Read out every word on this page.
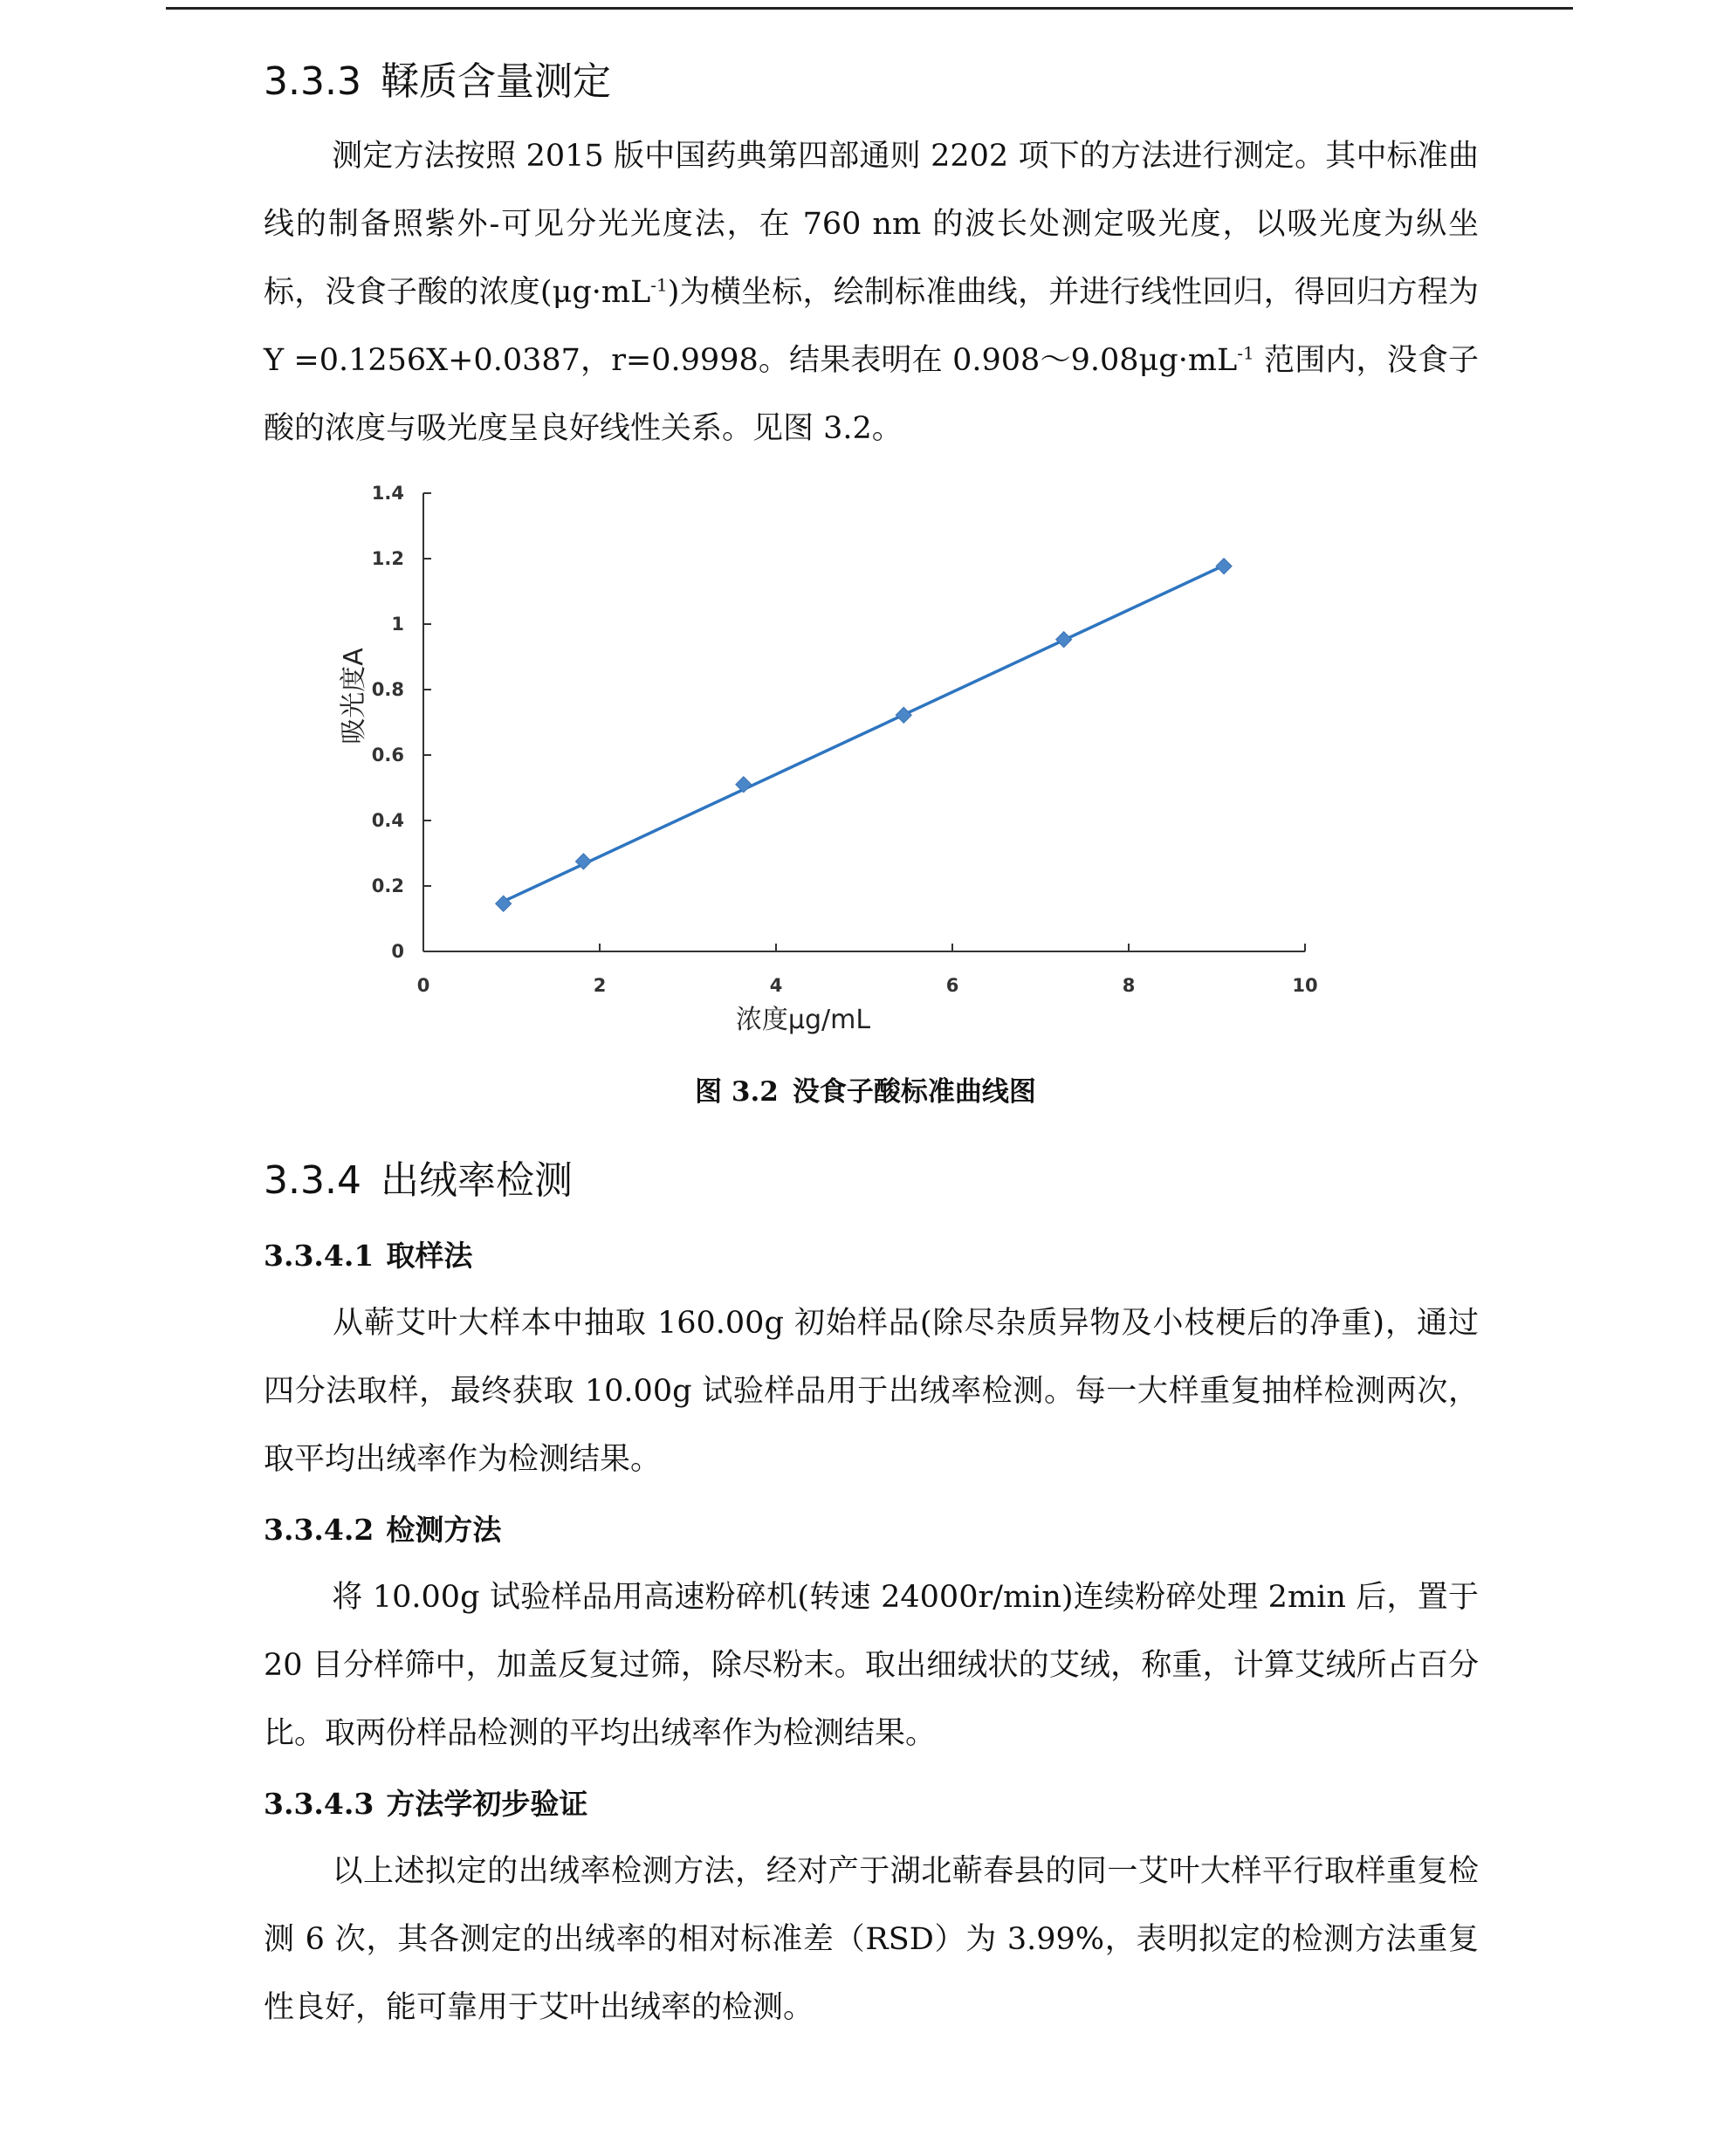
3.3.3 鞣质含量测定

测定方法按照 2015 版中国药典第四部通则 2202 项下的方法进行测定。其中标准曲线的制备照紫外-可见分光光度法，在 760 nm 的波长处测定吸光度，以吸光度为纵坐标，没食子酸的浓度$(\mu g\cdot mL^{-1})$为横坐标，绘制标准曲线，并进行线性回归，得回归方程为 Y =0.1256X+0.0387，r=0.9998。结果表明在 $0.908\sim 9.08\mu g\cdot mL^{-1}$ 范围内，没食子酸的浓度与吸光度呈良好线性关系。见图 3.2。

0
0.2
0.4
0.6
0.8
1
1.2
1.4
0	2	4	6	8	10
浓度μg/mL
吸光度A

图 3.2 没食子酸标准曲线图

3.3.4 出绒率检测
3.3.4.1 取样法

从蕲艾叶大样本中抽取 160.00g 初始样品(除尽杂质异物及小枝梗后的净重)，通过四分法取样，最终获取 10.00g 试验样品用于出绒率检测。每一大样重复抽样检测两次，取平均出绒率作为检测结果。

3.3.4.2 检测方法

将 10.00g 试验样品用高速粉碎机(转速 24000r/min)连续粉碎处理 2min 后，置于 20 目分样筛中，加盖反复过筛，除尽粉末。取出细绒状的艾绒，称重，计算艾绒所占百分比。取两份样品检测的平均出绒率作为检测结果。

3.3.4.3 方法学初步验证

以上述拟定的出绒率检测方法，经对产于湖北蕲春县的同一艾叶大样平行取样重复检测 6 次，其各测定的出绒率的相对标准差（RSD）为 3.99%，表明拟定的检测方法重复性良好，能可靠用于艾叶出绒率的检测。
